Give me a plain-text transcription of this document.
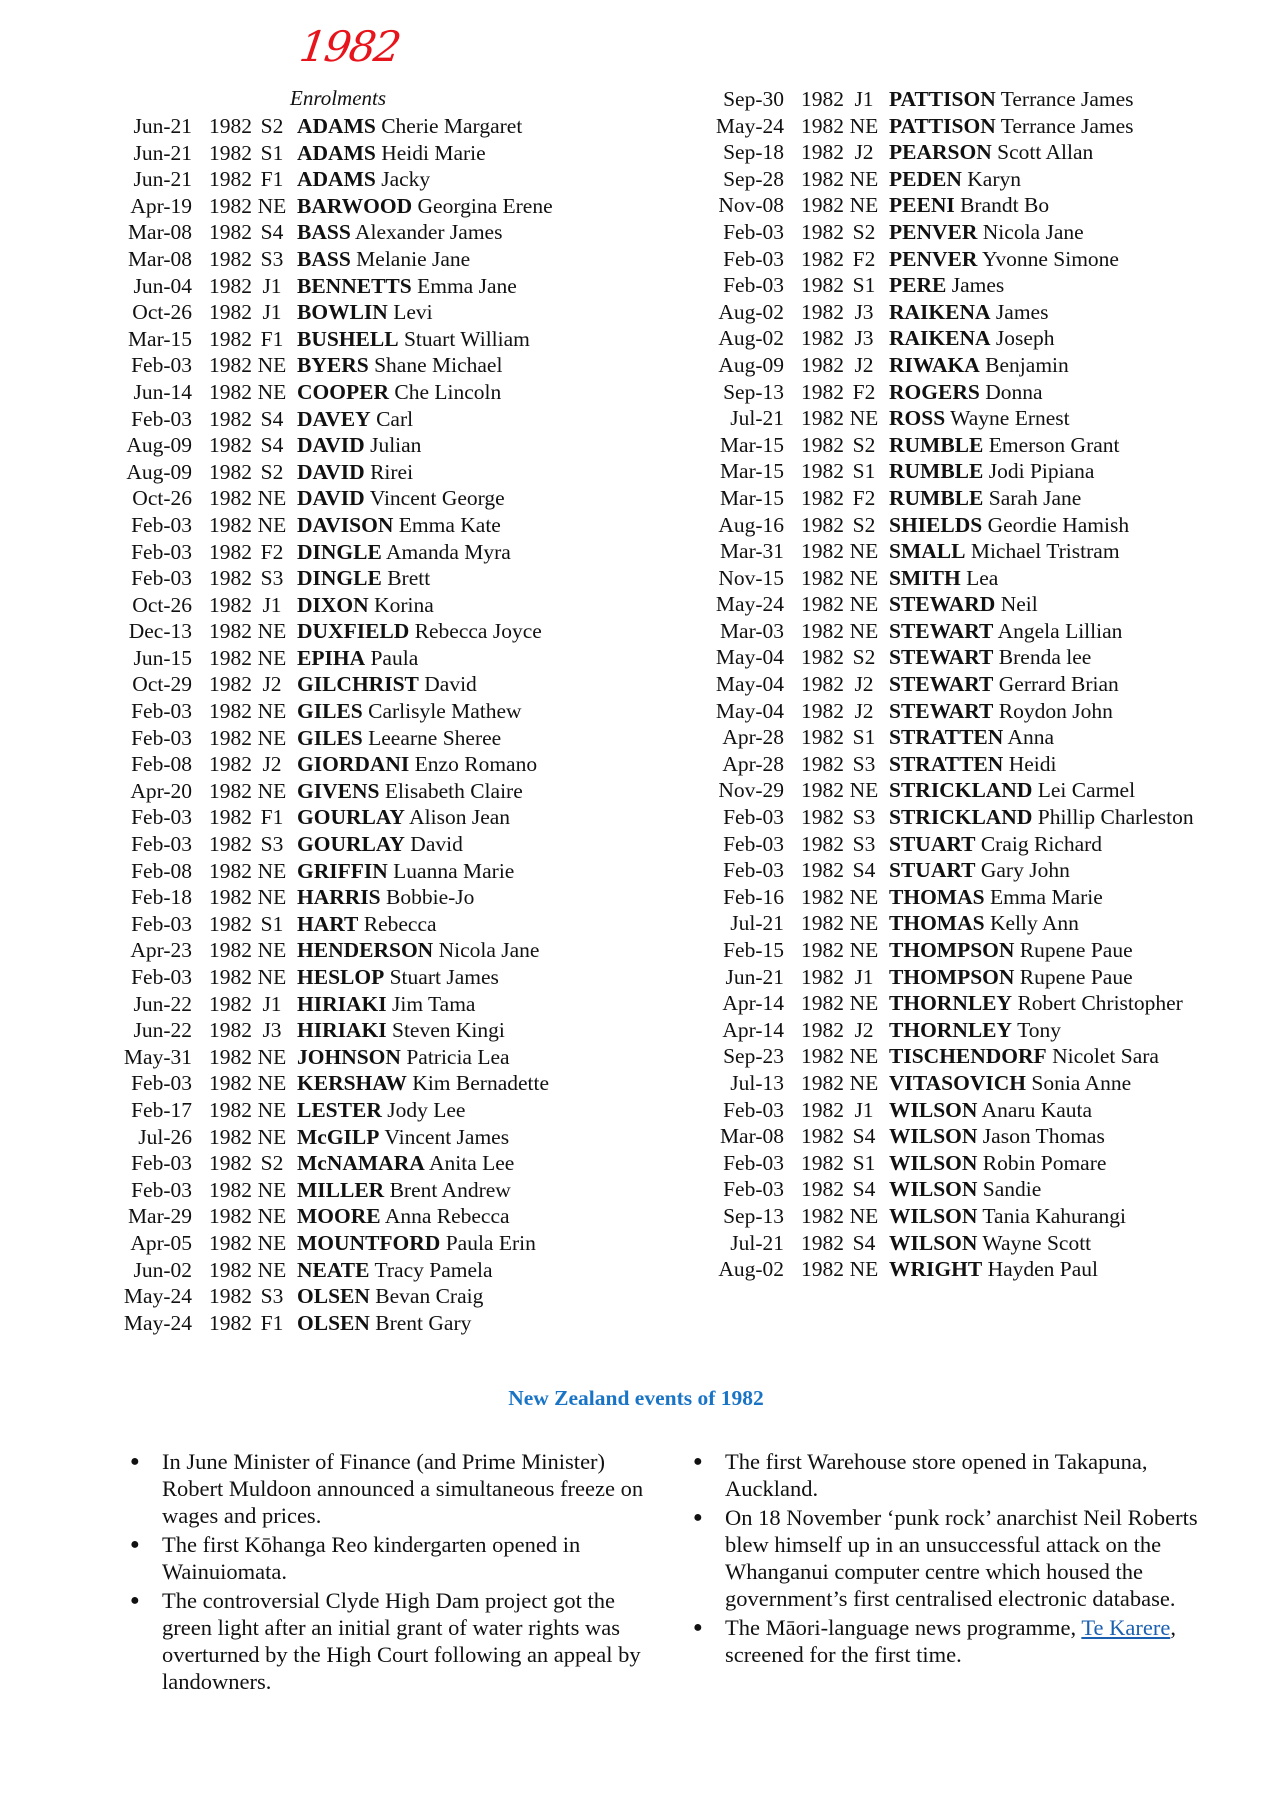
1982
Enrolments
Jun-21 1982 S2 ADAMS Cherie Margaret
Jun-21 1982 S1 ADAMS Heidi Marie
Jun-21 1982 F1 ADAMS Jacky
Apr-19 1982 NE BARWOOD Georgina Erene
Mar-08 1982 S4 BASS Alexander James
Mar-08 1982 S3 BASS Melanie Jane
Jun-04 1982 J1 BENNETTS Emma Jane
Oct-26 1982 J1 BOWLIN Levi
Mar-15 1982 F1 BUSHELL Stuart William
Feb-03 1982 NE BYERS Shane Michael
Jun-14 1982 NE COOPER Che Lincoln
Feb-03 1982 S4 DAVEY Carl
Aug-09 1982 S4 DAVID Julian
Aug-09 1982 S2 DAVID Rirei
Oct-26 1982 NE DAVID Vincent George
Feb-03 1982 NE DAVISON Emma Kate
Feb-03 1982 F2 DINGLE Amanda Myra
Feb-03 1982 S3 DINGLE Brett
Oct-26 1982 J1 DIXON Korina
Dec-13 1982 NE DUXFIELD Rebecca Joyce
Jun-15 1982 NE EPIHA Paula
Oct-29 1982 J2 GILCHRIST David
Feb-03 1982 NE GILES Carlisyle Mathew
Feb-03 1982 NE GILES Leearne Sheree
Feb-08 1982 J2 GIORDANI Enzo Romano
Apr-20 1982 NE GIVENS Elisabeth Claire
Feb-03 1982 F1 GOURLAY Alison Jean
Feb-03 1982 S3 GOURLAY David
Feb-08 1982 NE GRIFFIN Luanna Marie
Feb-18 1982 NE HARRIS Bobbie-Jo
Feb-03 1982 S1 HART Rebecca
Apr-23 1982 NE HENDERSON Nicola Jane
Feb-03 1982 NE HESLOP Stuart James
Jun-22 1982 J1 HIRIAKI Jim Tama
Jun-22 1982 J3 HIRIAKI Steven Kingi
May-31 1982 NE JOHNSON Patricia Lea
Feb-03 1982 NE KERSHAW Kim Bernadette
Feb-17 1982 NE LESTER Jody Lee
Jul-26 1982 NE McGILP Vincent James
Feb-03 1982 S2 McNAMARA Anita Lee
Feb-03 1982 NE MILLER Brent Andrew
Mar-29 1982 NE MOORE Anna Rebecca
Apr-05 1982 NE MOUNTFORD Paula Erin
Jun-02 1982 NE NEATE Tracy Pamela
May-24 1982 S3 OLSEN Bevan Craig
May-24 1982 F1 OLSEN Brent Gary
Sep-30 1982 J1 PATTISON Terrance James
May-24 1982 NE PATTISON Terrance James
Sep-18 1982 J2 PEARSON Scott Allan
Sep-28 1982 NE PEDEN Karyn
Nov-08 1982 NE PEENI Brandt Bo
Feb-03 1982 S2 PENVER Nicola Jane
Feb-03 1982 F2 PENVER Yvonne Simone
Feb-03 1982 S1 PERE James
Aug-02 1982 J3 RAIKENA James
Aug-02 1982 J3 RAIKENA Joseph
Aug-09 1982 J2 RIWAKA Benjamin
Sep-13 1982 F2 ROGERS Donna
Jul-21 1982 NE ROSS Wayne Ernest
Mar-15 1982 S2 RUMBLE Emerson Grant
Mar-15 1982 S1 RUMBLE Jodi Pipiana
Mar-15 1982 F2 RUMBLE Sarah Jane
Aug-16 1982 S2 SHIELDS Geordie Hamish
Mar-31 1982 NE SMALL Michael Tristram
Nov-15 1982 NE SMITH Lea
May-24 1982 NE STEWARD Neil
Mar-03 1982 NE STEWART Angela Lillian
May-04 1982 S2 STEWART Brenda lee
May-04 1982 J2 STEWART Gerrard Brian
May-04 1982 J2 STEWART Roydon John
Apr-28 1982 S1 STRATTEN Anna
Apr-28 1982 S3 STRATTEN Heidi
Nov-29 1982 NE STRICKLAND Lei Carmel
Feb-03 1982 S3 STRICKLAND Phillip Charleston
Feb-03 1982 S3 STUART Craig Richard
Feb-03 1982 S4 STUART Gary John
Feb-16 1982 NE THOMAS Emma Marie
Jul-21 1982 NE THOMAS Kelly Ann
Feb-15 1982 NE THOMPSON Rupene Paue
Jun-21 1982 J1 THOMPSON Rupene Paue
Apr-14 1982 NE THORNLEY Robert Christopher
Apr-14 1982 J2 THORNLEY Tony
Sep-23 1982 NE TISCHENDORF Nicolet Sara
Jul-13 1982 NE VITASOVICH Sonia Anne
Feb-03 1982 J1 WILSON Anaru Kauta
Mar-08 1982 S4 WILSON Jason Thomas
Feb-03 1982 S1 WILSON Robin Pomare
Feb-03 1982 S4 WILSON Sandie
Sep-13 1982 NE WILSON Tania Kahurangi
Jul-21 1982 S4 WILSON Wayne Scott
Aug-02 1982 NE WRIGHT Hayden Paul
New Zealand events of 1982
● In June Minister of Finance (and Prime Minister) Robert Muldoon announced a simultaneous freeze on wages and prices.
● The first Kōhanga Reo kindergarten opened in Wainuiomata.
● The controversial Clyde High Dam project got the green light after an initial grant of water rights was overturned by the High Court following an appeal by landowners.
● The first Warehouse store opened in Takapuna, Auckland.
● On 18 November ‘punk rock’ anarchist Neil Roberts blew himself up in an unsuccessful attack on the Whanganui computer centre which housed the government’s first centralised electronic database.
● The Māori-language news programme, Te Karere, screened for the first time.
